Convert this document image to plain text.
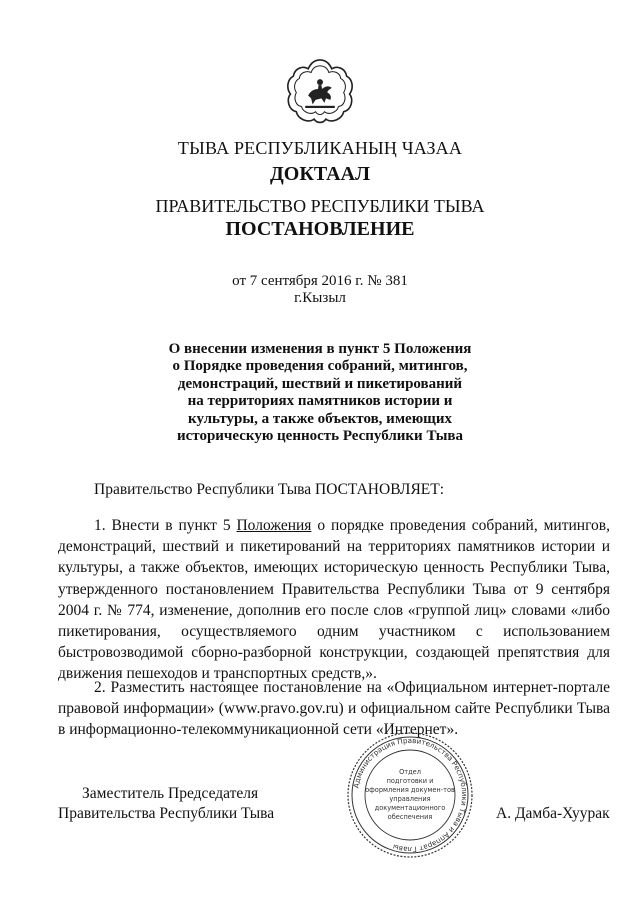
ТЫВА РЕСПУБЛИКАНЫҢ ЧАЗАА
ДОКТААЛ
ПРАВИТЕЛЬСТВО РЕСПУБЛИКИ ТЫВА
ПОСТАНОВЛЕНИЕ
от 7 сентября 2016 г. № 381
г.Кызыл
О внесении изменения в пункт 5 Положения
о Порядке проведения собраний, митингов,
демонстраций, шествий и пикетирований
на территориях памятников истории и
культуры, а также объектов, имеющих
историческую ценность Республики Тыва
Правительство Республики Тыва ПОСТАНОВЛЯЕТ:
1. Внести в пункт 5 Положения о порядке проведения собраний, митингов, демонстраций, шествий и пикетирований на территориях памятников истории и культуры, а также объектов, имеющих историческую ценность Республики Тыва, утвержденного постановлением Правительства Республики Тыва от 9 сентября 2004 г. № 774, изменение, дополнив его после слов «группой лиц» словами «либо пикетирования, осуществляемого одним участником с использованием быстровозводимой сборно-разборной конструкции, создающей препятствия для движения пешеходов и транспортных средств,».
2. Разместить настоящее постановление на «Официальном интернет-портале правовой информации» (www.pravo.gov.ru) и официальном сайте Республики Тыва в информационно-телекоммуникационной сети «Интернет».
Заместитель Председателя
Правительства Республики Тыва
Администрация Правительства Республики Тыва и Аппарат Главы
Отдел
подготовки и
оформления докумен-тов
управления
документационного
обеспечения	А. Дамба-Хуурак
